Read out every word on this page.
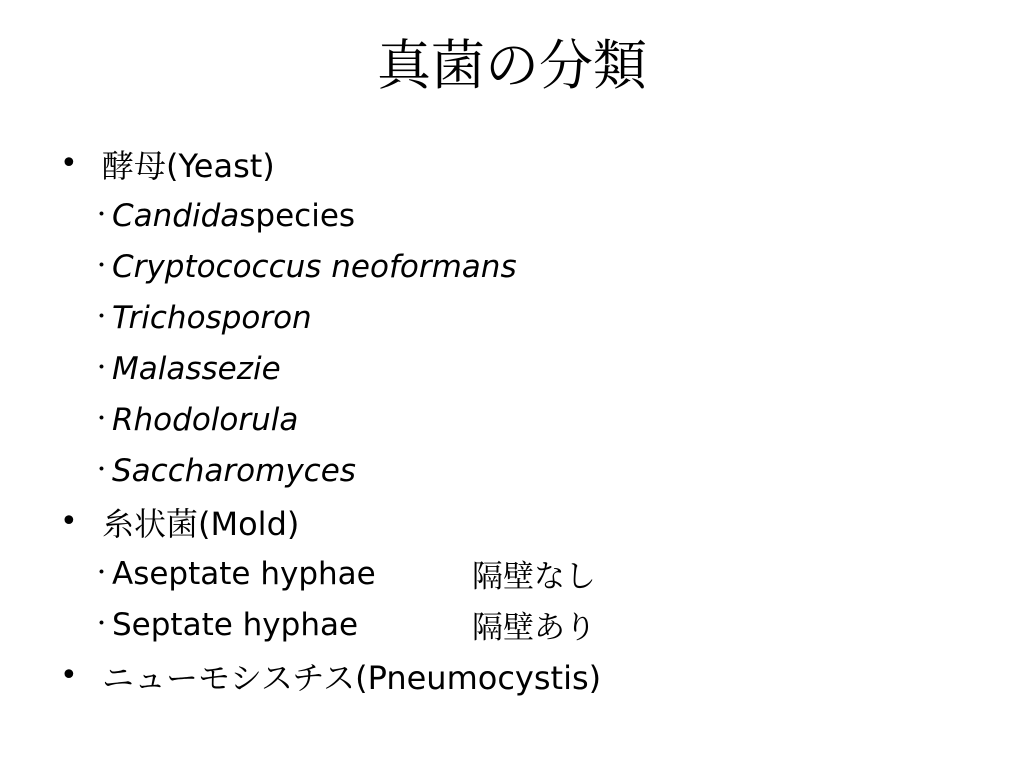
真菌の分類
• 酵母(Yeast)
･ Candida species
･ Cryptococcus neoformans
･ Trichosporon
･ Malassezie
･ Rhodolorula
･ Saccharomyces
• 糸状菌(Mold)
･ Aseptate hyphae	隔壁なし
･ Septate hyphae	隔壁あり
• ニューモシスチス(Pneumocystis)
